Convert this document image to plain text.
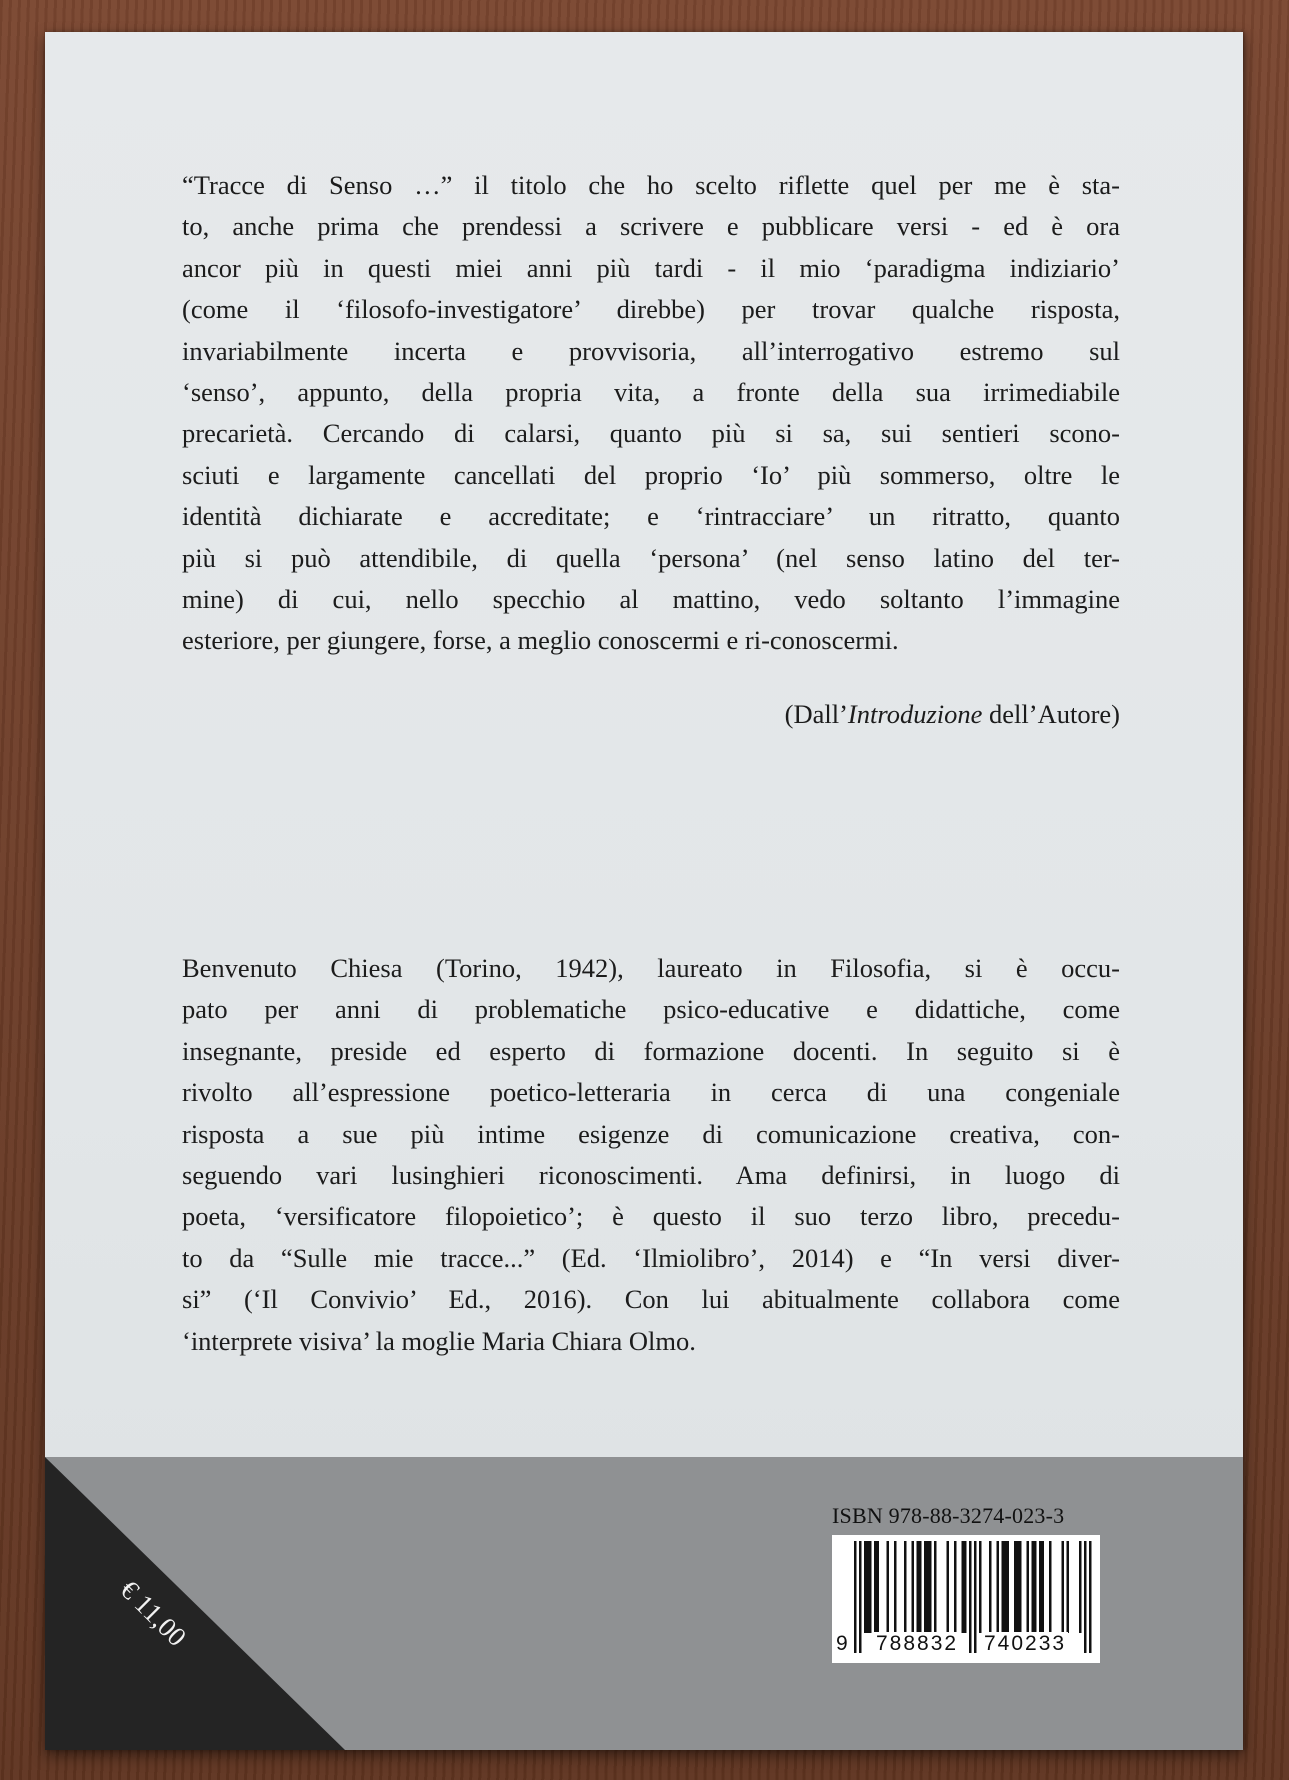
“Tracce di Senso …” il titolo che ho scelto riflette quel per me è sta-
to, anche prima che prendessi a scrivere e pubblicare versi - ed è ora
ancor più in questi miei anni più tardi - il mio ‘paradigma indiziario’
(come il ‘filosofo-investigatore’ direbbe) per trovar qualche risposta,
invariabilmente incerta e provvisoria, all’interrogativo estremo sul
‘senso’, appunto, della propria vita, a fronte della sua irrimediabile
precarietà. Cercando di calarsi, quanto più si sa, sui sentieri scono-
sciuti e largamente cancellati del proprio ‘Io’ più sommerso, oltre le
identità dichiarate e accreditate; e ‘rintracciare’ un ritratto, quanto
più si può attendibile, di quella ‘persona’ (nel senso latino del ter-
mine) di cui, nello specchio al mattino, vedo soltanto l’immagine
esteriore, per giungere, forse, a meglio conoscermi e ri-conoscermi.
(Dall’Introduzione dell’Autore)
Benvenuto Chiesa (Torino, 1942), laureato in Filosofia, si è occu-
pato per anni di problematiche psico-educative e didattiche, come
insegnante, preside ed esperto di formazione docenti. In seguito si è
rivolto all’espressione poetico-letteraria in cerca di una congeniale
risposta a sue più intime esigenze di comunicazione creativa, con-
seguendo vari lusinghieri riconoscimenti. Ama definirsi, in luogo di
poeta, ‘versificatore filopoietico’; è questo il suo terzo libro, precedu-
to da “Sulle mie tracce...” (Ed. ‘Ilmiolibro’, 2014) e “In versi diver-
si” (‘Il Convivio’ Ed., 2016). Con lui abitualmente collabora come
‘interprete visiva’ la moglie Maria Chiara Olmo.
€ 11,00
ISBN 978-88-3274-023-3
9 788832 740233
